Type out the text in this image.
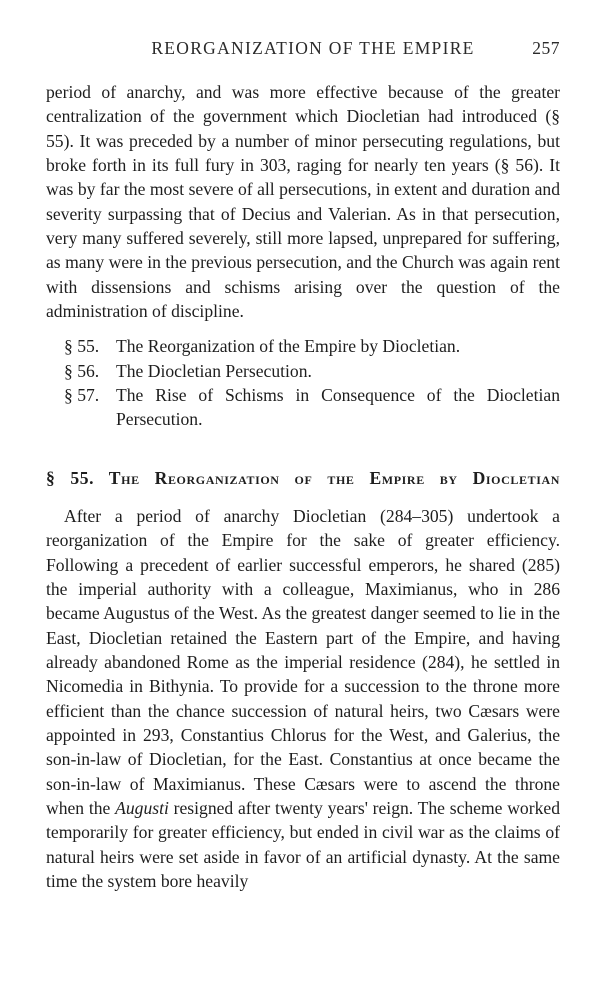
REORGANIZATION OF THE EMPIRE	257

period of anarchy, and was more effective because of the greater centralization of the government which Diocletian had introduced (§ 55). It was preceded by a number of minor persecuting regulations, but broke forth in its full fury in 303, raging for nearly ten years (§ 56). It was by far the most severe of all persecutions, in extent and duration and severity surpassing that of Decius and Valerian. As in that persecution, very many suffered severely, still more lapsed, unprepared for suffering, as many were in the previous persecution, and the Church was again rent with dissensions and schisms arising over the question of the administration of discipline.

§ 55. The Reorganization of the Empire by Diocletian.
§ 56. The Diocletian Persecution.
§ 57. The Rise of Schisms in Consequence of the Diocletian Persecution.
§ 55. The Reorganization of the Empire by Diocletian

After a period of anarchy Diocletian (284–305) undertook a reorganization of the Empire for the sake of greater efficiency. Following a precedent of earlier successful emperors, he shared (285) the imperial authority with a colleague, Maximianus, who in 286 became Augustus of the West. As the greatest danger seemed to lie in the East, Diocletian retained the Eastern part of the Empire, and having already abandoned Rome as the imperial residence (284), he settled in Nicomedia in Bithynia. To provide for a succession to the throne more efficient than the chance succession of natural heirs, two Cæsars were appointed in 293, Constantius Chlorus for the West, and Galerius, the son-in-law of Diocletian, for the East. Constantius at once became the son-in-law of Maximianus. These Cæsars were to ascend the throne when the Augusti resigned after twenty years' reign. The scheme worked temporarily for greater efficiency, but ended in civil war as the claims of natural heirs were set aside in favor of an artificial dynasty. At the same time the system bore heavily
